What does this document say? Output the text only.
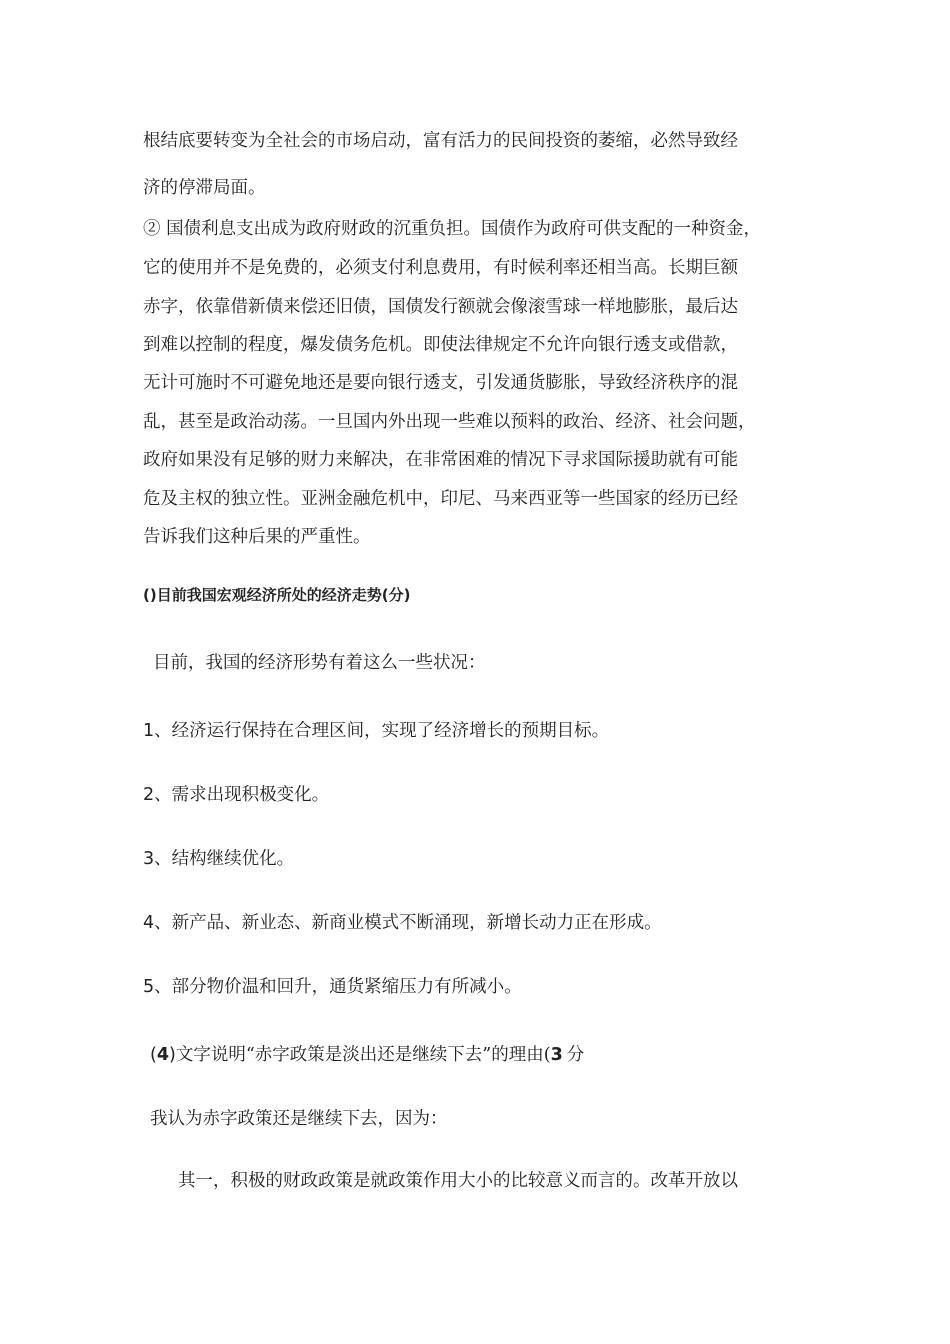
根结底要转变为全社会的市场启动，富有活力的民间投资的萎缩，必然导致经

济的停滞局面。

② 国债利息支出成为政府财政的沉重负担。国债作为政府可供支配的一种资金，

它的使用并不是免费的，必须支付利息费用，有时候利率还相当高。长期巨额

赤字，依靠借新债来偿还旧债，国债发行额就会像滚雪球一样地膨胀，最后达

到难以控制的程度，爆发债务危机。即使法律规定不允许向银行透支或借款，

无计可施时不可避免地还是要向银行透支，引发通货膨胀，导致经济秩序的混

乱，甚至是政治动荡。一旦国内外出现一些难以预料的政治、经济、社会问题，

政府如果没有足够的财力来解决，在非常困难的情况下寻求国际援助就有可能

危及主权的独立性。亚洲金融危机中，印尼、马来西亚等一些国家的经历已经

告诉我们这种后果的严重性。

()目前我国宏观经济所处的经济走势(分)

目前，我国的经济形势有着这么一些状况：

1、经济运行保持在合理区间，实现了经济增长的预期目标。

2、需求出现积极变化。

3、结构继续优化。

4、新产品、新业态、新商业模式不断涌现，新增长动力正在形成。

5、部分物价温和回升，通货紧缩压力有所减小。

(4)文字说明“赤字政策是淡出还是继续下去”的理由(3 分

我认为赤字政策还是继续下去，因为：

其一，积极的财政政策是就政策作用大小的比较意义而言的。改革开放以
